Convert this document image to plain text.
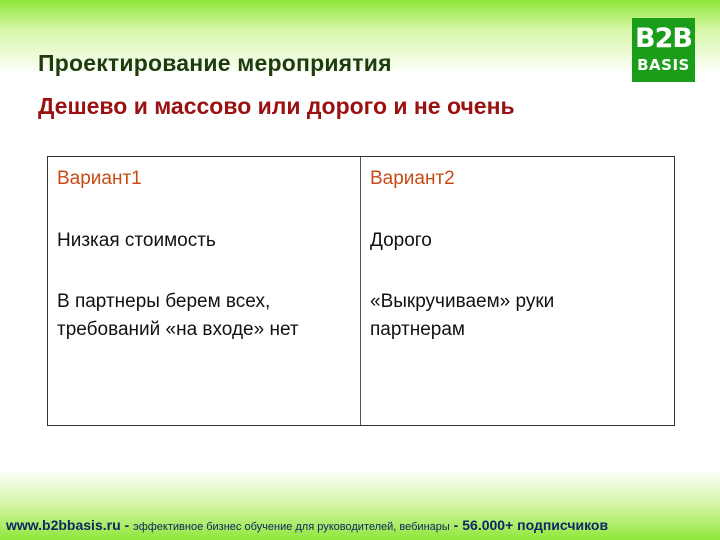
Проектирование мероприятия
Дешево и массово или дорого и не очень
B2B
BASIS

Вариант1

Низкая стоимость

В партнеры берем всех, требований «на входе» нет

Вариант2

Дорого

«Выкручиваем» руки партнерам

www.b2bbasis.ru - эффективное бизнес обучение для руководителей, вебинары - 56.000+ подписчиков
